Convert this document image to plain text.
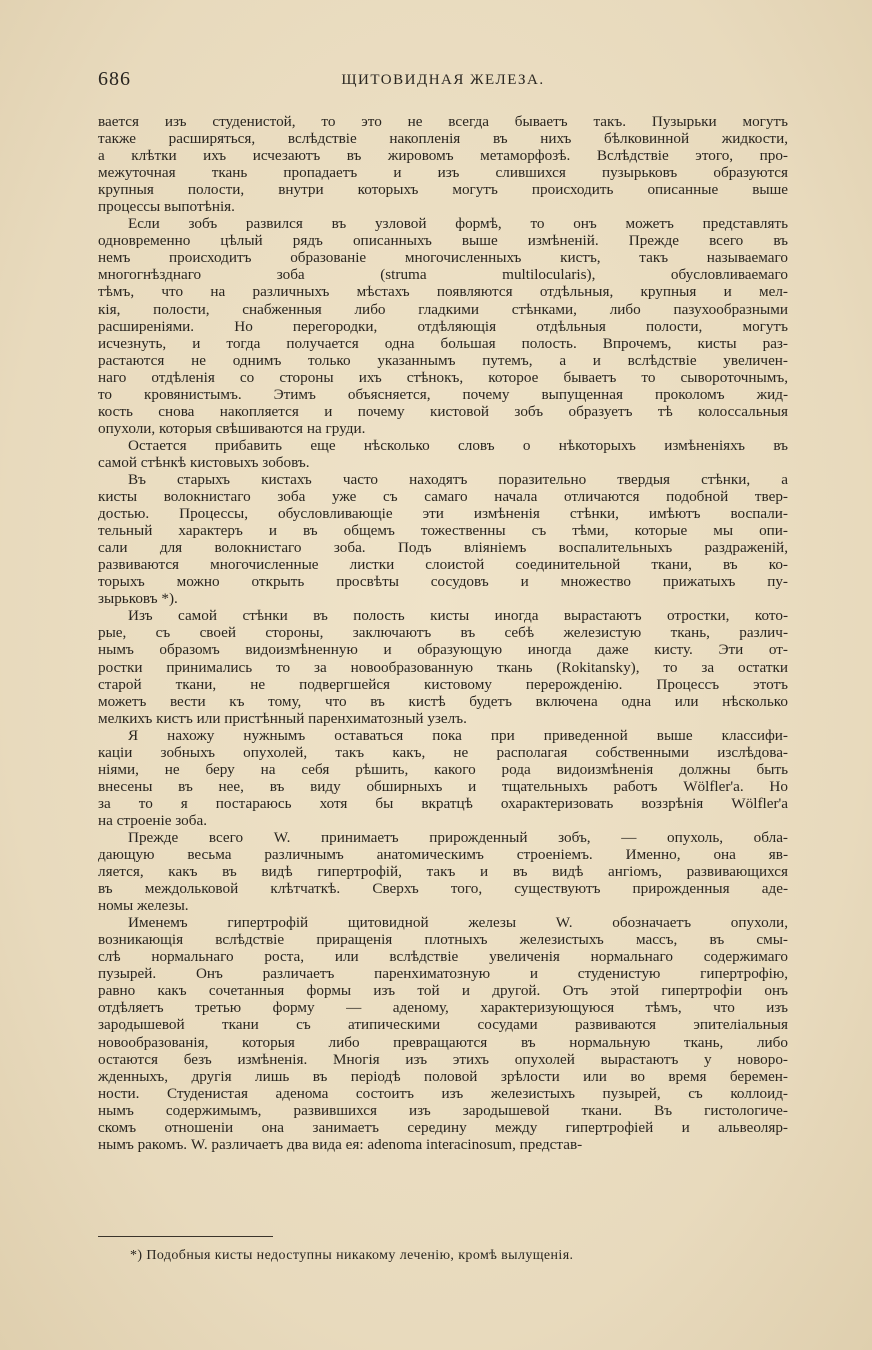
686	ЩИТОВИДНАЯ ЖЕЛЕЗА.

вается изъ студенистой, то это не всегда бываетъ такъ. Пузырьки могутъ
также расширяться, вслѣдствіе накопленія въ нихъ бѣлковинной жидкости,
а клѣтки ихъ исчезаютъ въ жировомъ метаморфозѣ. Вслѣдствіе этого, про-
межуточная ткань пропадаетъ и изъ слившихся пузырьковъ образуются
крупныя полости, внутри которыхъ могутъ происходить описанные выше
процессы выпотѣнія.

Если зобъ развился въ узловой формѣ, то онъ можетъ представлять
одновременно цѣлый рядъ описанныхъ выше измѣненій. Прежде всего въ
немъ происходитъ образованіе многочисленныхъ кистъ, такъ называемаго
многогнѣзднаго зоба (struma multilocularis), обусловливаемаго
тѣмъ, что на различныхъ мѣстахъ появляются отдѣльныя, крупныя и мел-
кія, полости, снабженныя либо гладкими стѣнками, либо пазухообразными
расширеніями. Но перегородки, отдѣляющія отдѣльныя полости, могутъ
исчезнуть, и тогда получается одна большая полость. Впрочемъ, кисты раз-
растаются не однимъ только указаннымъ путемъ, а и вслѣдствіе увеличен-
наго отдѣленія со стороны ихъ стѣнокъ, которое бываетъ то сывороточнымъ,
то кровянистымъ. Этимъ объясняется, почему выпущенная проколомъ жид-
кость снова накопляется и почему кистовой зобъ образуетъ тѣ колоссальныя
опухоли, которыя свѣшиваются на груди.

Остается прибавить еще нѣсколько словъ о нѣкоторыхъ измѣненіяхъ въ
самой стѣнкѣ кистовыхъ зобовъ.

Въ старыхъ кистахъ часто находятъ поразительно твердыя стѣнки, а
кисты волокнистаго зоба уже съ самаго начала отличаются подобной твер-
достью. Процессы, обусловливающіе эти измѣненія стѣнки, имѣютъ воспали-
тельный характеръ и въ общемъ тожественны съ тѣми, которые мы опи-
сали для волокнистаго зоба. Подъ вліяніемъ воспалительныхъ раздраженій,
развиваются многочисленные листки слоистой соединительной ткани, въ ко-
торыхъ можно открыть просвѣты сосудовъ и множество прижатыхъ пу-
зырьковъ *).

Изъ самой стѣнки въ полость кисты иногда вырастаютъ отростки, кото-
рые, съ своей стороны, заключаютъ въ себѣ железистую ткань, различ-
нымъ образомъ видоизмѣненную и образующую иногда даже кисту. Эти от-
ростки принимались то за новообразованную ткань (Rokitansky), то за остатки
старой ткани, не подвергшейся кистовому перерожденію. Процессъ этотъ
можетъ вести къ тому, что въ кистѣ будетъ включена одна или нѣсколько
мелкихъ кистъ или пристѣнный паренхиматозный узелъ.

Я нахожу нужнымъ оставаться пока при приведенной выше классифи-
каціи зобныхъ опухолей, такъ какъ, не располагая собственными изслѣдова-
ніями, не беру на себя рѣшить, какого рода видоизмѣненія должны быть
внесены въ нее, въ виду обширныхъ и тщательныхъ работъ Wölfler'а. Но
за то я постараюсь хотя бы вкратцѣ охарактеризовать воззрѣнія Wölfler'а
на строеніе зоба.

Прежде всего W. принимаетъ прирожденный зобъ, — опухоль, обла-
дающую весьма различнымъ анатомическимъ строеніемъ. Именно, она яв-
ляется, какъ въ видѣ гипертрофій, такъ и въ видѣ ангіомъ, развивающихся
въ междольковой клѣтчаткѣ. Сверхъ того, существуютъ прирожденныя аде-
номы железы.

Именемъ гипертрофій щитовидной железы W. обозначаетъ опухоли,
возникающія вслѣдствіе приращенія плотныхъ железистыхъ массъ, въ смы-
слѣ нормальнаго роста, или вслѣдствіе увеличенія нормальнаго содержимаго
пузырей. Онъ различаетъ паренхиматозную и студенистую гипертрофію,
равно какъ сочетанныя формы изъ той и другой. Отъ этой гипертрофіи онъ
отдѣляетъ третью форму — аденому, характеризующуюся тѣмъ, что изъ
зародышевой ткани съ атипическими сосудами развиваются эпителіальныя
новообразованія, которыя либо превращаются въ нормальную ткань, либо
остаются безъ измѣненія. Многія изъ этихъ опухолей вырастаютъ у новоро-
жденныхъ, другія лишь въ періодѣ половой зрѣлости или во время беремен-
ности. Студенистая аденома состоитъ изъ железистыхъ пузырей, съ коллоид-
нымъ содержимымъ, развившихся изъ зародышевой ткани. Въ гистологиче-
скомъ отношеніи она занимаетъ середину между гипертрофіей и альвеоляр-
нымъ ракомъ. W. различаетъ два вида ея: adenoma interacinosum, представ-

*) Подобныя кисты недоступны никакому леченію, кромѣ вылущенія.
